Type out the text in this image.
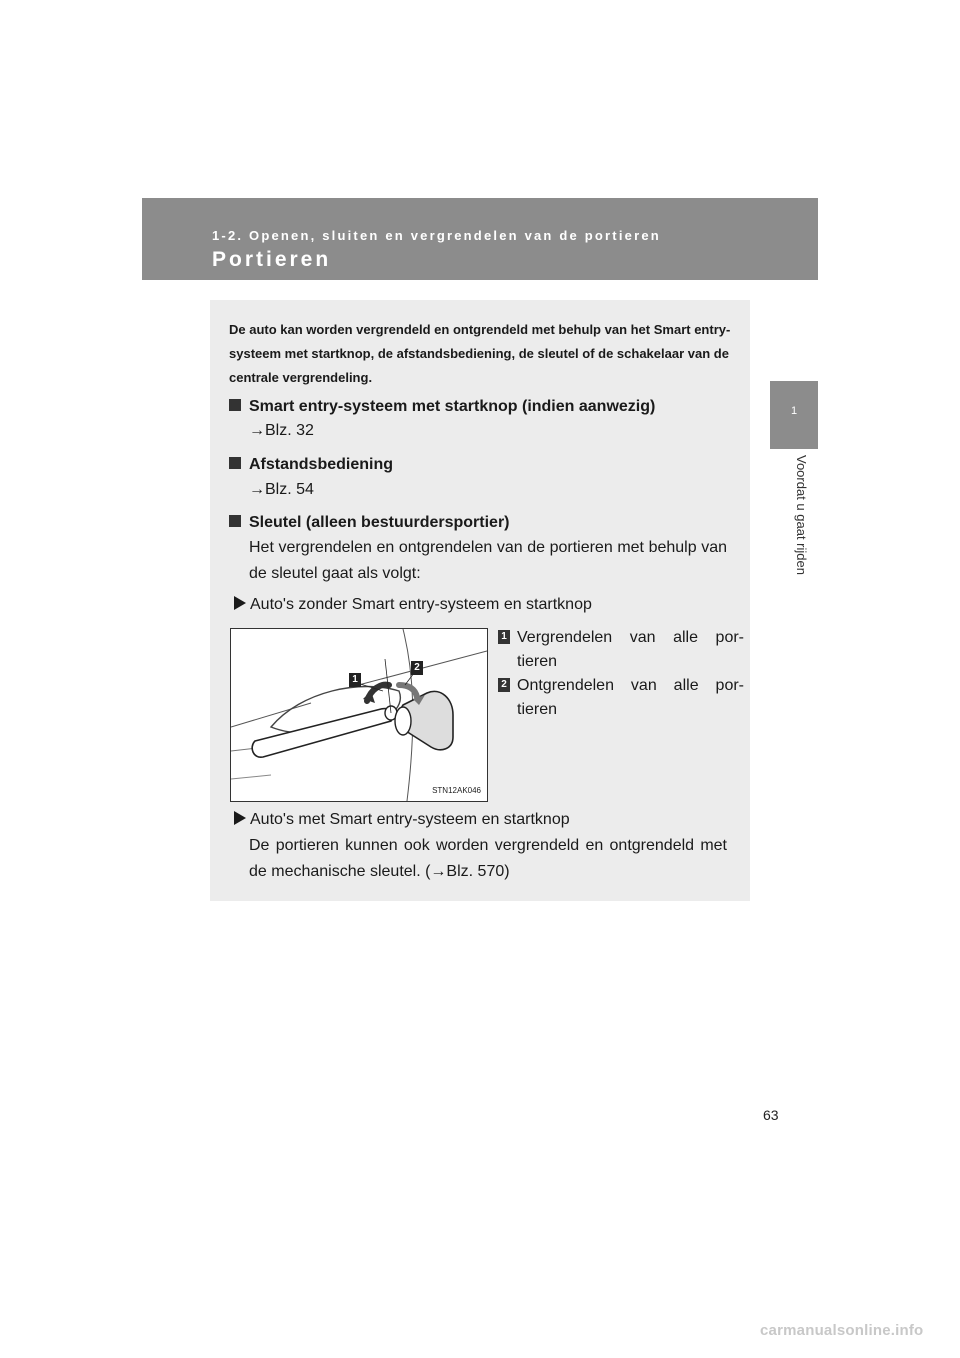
1-2. Openen, sluiten en vergrendelen van de portieren
Portieren
1
Voordat u gaat rijden
De auto kan worden vergrendeld en ontgrendeld met behulp van het Smart entry-systeem met startknop, de afstandsbediening, de sleutel of de schakelaar van de centrale vergrendeling.
Smart entry-systeem met startknop (indien aanwezig)
→Blz. 32
Afstandsbediening
→Blz. 54
Sleutel (alleen bestuurdersportier)
Het vergrendelen en ontgrendelen van de portieren met behulp van de sleutel gaat als volgt:
Auto's zonder Smart entry-systeem en startknop
1
2
STN12AK046
1 Vergrendelen van alle por-tieren
2 Ontgrendelen van alle por-tieren
Auto's met Smart entry-systeem en startknop
De portieren kunnen ook worden vergrendeld en ontgrendeld met de mechanische sleutel. (→Blz. 570)
63
carmanualsonline.info
